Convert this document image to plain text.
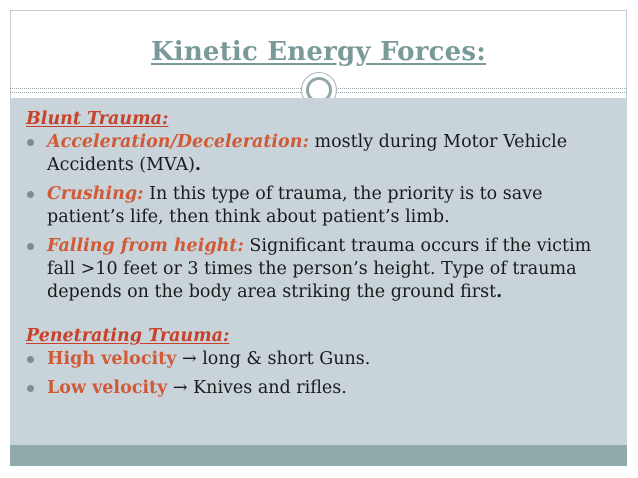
Kinetic Energy Forces:

Blunt Trauma:

Acceleration/Deceleration: mostly during Motor Vehicle Accidents (MVA).
Crushing: In this type of trauma, the priority is to save patient’s life, then think about patient’s limb.
Falling from height: Significant trauma occurs if the victim fall >10 feet or 3 times the person’s height. Type of trauma depends on the body area striking the ground first.

Penetrating Trauma:

High velocity → long & short Guns.
Low velocity → Knives and rifles.
